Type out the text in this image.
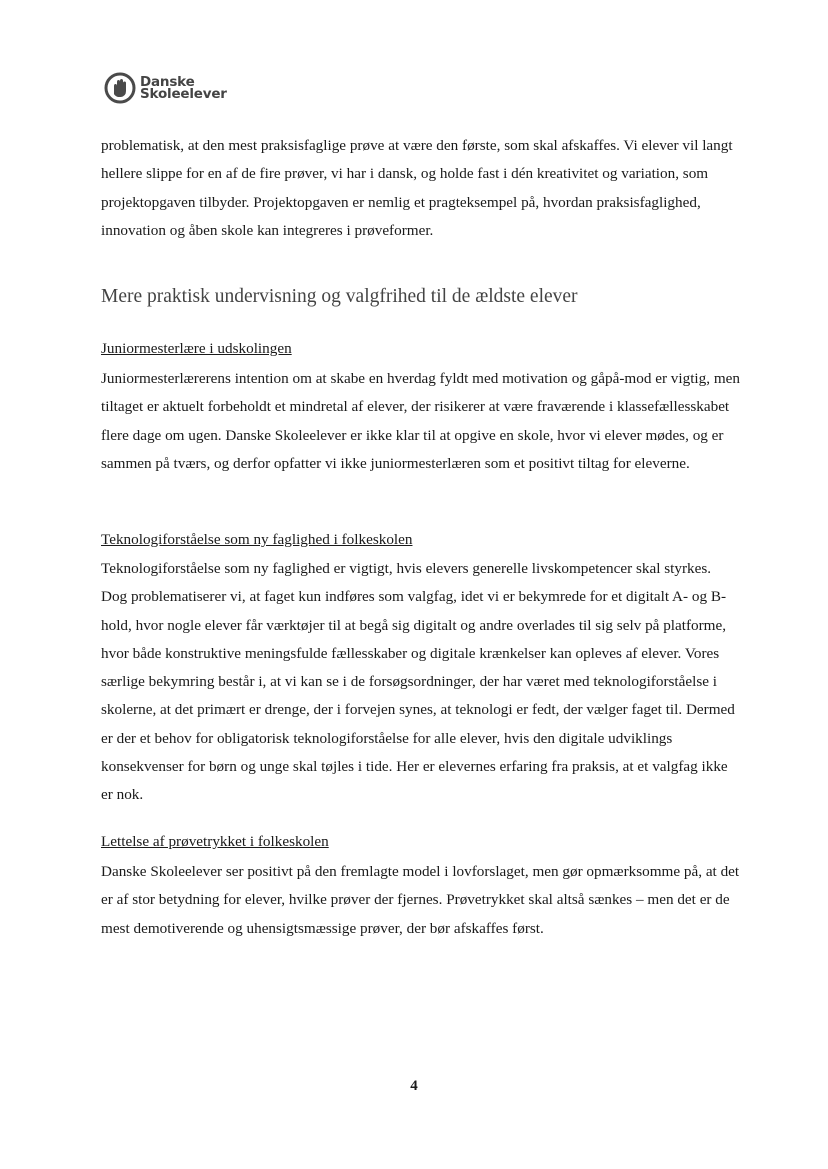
Danske
Skoleelever

problematisk, at den mest praksisfaglige prøve at være den første, som skal afskaffes. Vi elever vil langt hellere slippe for en af de fire prøver, vi har i dansk, og holde fast i dén kreativitet og variation, som projektopgaven tilbyder. Projektopgaven er nemlig et pragteksempel på, hvordan praksisfaglighed, innovation og åben skole kan integreres i prøveformer.

Mere praktisk undervisning og valgfrihed til de ældste elever
Juniormesterlære i udskolingen

Juniormesterlærerens intention om at skabe en hverdag fyldt med motivation og gåpå-mod er vigtig, men tiltaget er aktuelt forbeholdt et mindretal af elever, der risikerer at være fraværende i klassefællesskabet flere dage om ugen. Danske Skoleelever er ikke klar til at opgive en skole, hvor vi elever mødes, og er sammen på tværs, og derfor opfatter vi ikke juniormesterlæren som et positivt tiltag for eleverne.

Teknologiforståelse som ny faglighed i folkeskolen

Teknologiforståelse som ny faglighed er vigtigt, hvis elevers generelle livskompetencer skal styrkes. Dog problematiserer vi, at faget kun indføres som valgfag, idet vi er bekymrede for et digitalt A- og B-hold, hvor nogle elever får værktøjer til at begå sig digitalt og andre overlades til sig selv på platforme, hvor både konstruktive meningsfulde fællesskaber og digitale krænkelser kan opleves af elever. Vores særlige bekymring består i, at vi kan se i de forsøgsordninger, der har været med teknologiforståelse i skolerne, at det primært er drenge, der i forvejen synes, at teknologi er fedt, der vælger faget til. Dermed er der et behov for obligatorisk teknologiforståelse for alle elever, hvis den digitale udviklings konsekvenser for børn og unge skal tøjles i tide. Her er elevernes erfaring fra praksis, at et valgfag ikke er nok.

Lettelse af prøvetrykket i folkeskolen

Danske Skoleelever ser positivt på den fremlagte model i lovforslaget, men gør opmærksomme på, at det er af stor betydning for elever, hvilke prøver der fjernes. Prøvetrykket skal altså sænkes – men det er de mest demotiverende og uhensigtsmæssige prøver, der bør afskaffes først.

4
